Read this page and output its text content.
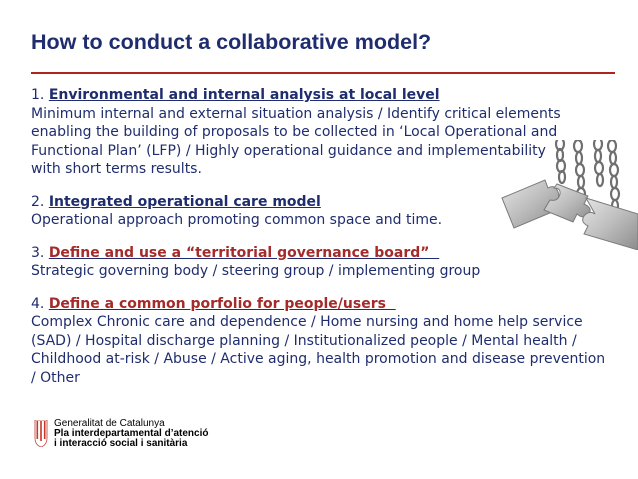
How to conduct a collaborative model?
1. Environmental and internal analysis at local level
Minimum internal and external situation analysis / Identify critical elements enabling the building of proposals to be collected in ‘Local Operational and Functional Plan’ (LFP) / Highly operational guidance and implementability with short terms results.
2. Integrated operational care model
Operational approach promoting common space and time.
3. Define and use a “territorial governance board”
Strategic governing body / steering group / implementing group
4. Define a common porfolio for people/users
Complex Chronic care and dependence / Home nursing and home help service (SAD) / Hospital discharge planning / Institutionalized people / Mental health / Childhood at-risk / Abuse / Active aging, health promotion and disease prevention / Other
Generalitat de Catalunya
Pla interdepartamental d’atenció
i interacció social i sanitària
